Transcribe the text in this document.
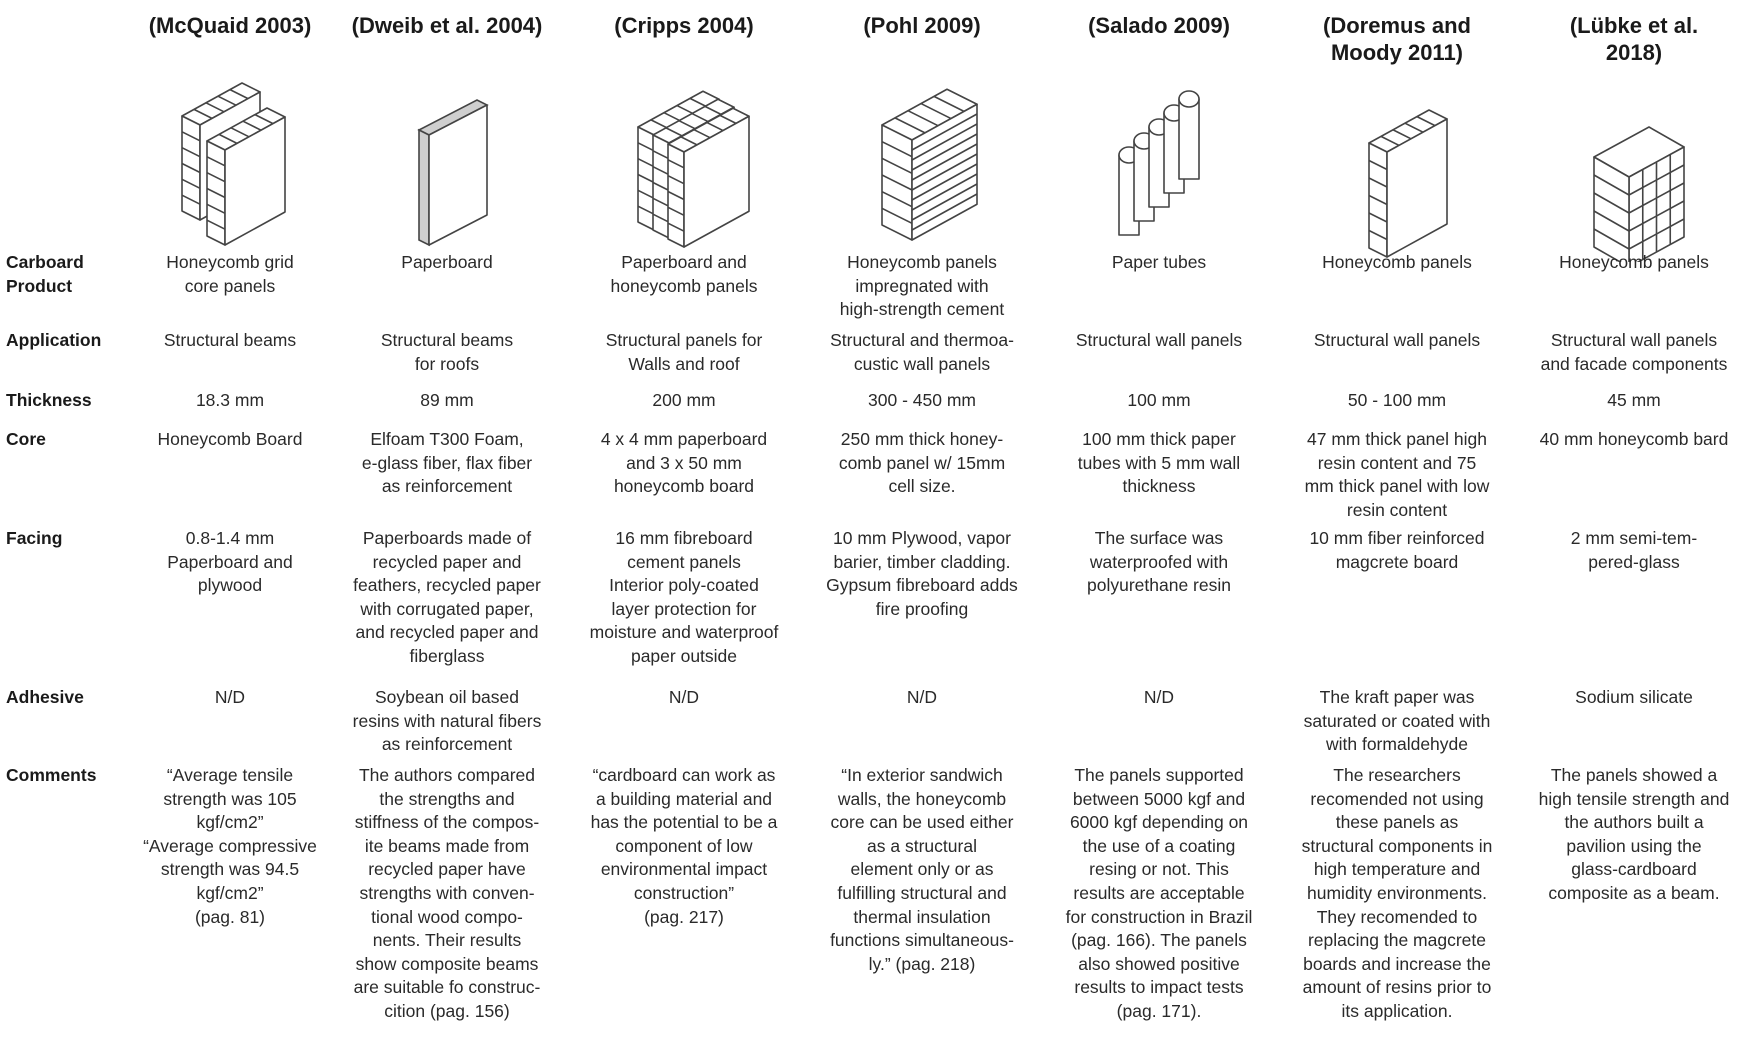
Carboard
Product
Application
Thickness
Core
Facing
Adhesive
Comments
(McQuaid 2003)
Honeycomb grid
core panels
Structural beams
18.3 mm
Honeycomb Board
0.8-1.4 mm
Paperboard and
plywood
N/D
“Average tensile
strength was 105
kgf/cm2”
“Average compressive
strength was 94.5
kgf/cm2”
(pag. 81)
(Dweib et al. 2004)
Paperboard
Structural beams
for roofs
89 mm
Elfoam T300 Foam,
e-glass fiber, flax fiber
as reinforcement
Paperboards made of
recycled paper and
feathers, recycled paper
with corrugated paper,
and recycled paper and
fiberglass
Soybean oil based
resins with natural fibers
as reinforcement
The authors compared
the strengths and
stiffness of the compos-
ite beams made from
recycled paper have
strengths with conven-
tional wood compo-
nents. Their results
show composite beams
are suitable fo construc-
cition (pag. 156)
(Cripps 2004)
Paperboard and
honeycomb panels
Structural panels for
Walls and roof
200 mm
4 x 4 mm paperboard
and 3 x 50 mm
honeycomb board
16 mm fibreboard
cement panels
Interior poly-coated
layer protection for
moisture and waterproof
paper outside
N/D
“cardboard can work as
a building material and
has the potential to be a
component of low
environmental impact
construction”
(pag. 217)
(Pohl 2009)
Honeycomb panels
impregnated with
high-strength cement
Structural and thermoa-
custic wall panels
300 - 450 mm
250 mm thick honey-
comb panel w/ 15mm
cell size.
10 mm Plywood, vapor
barier, timber cladding.
Gypsum fibreboard adds
fire proofing
N/D
“In exterior sandwich
walls, the honeycomb
core can be used either
as a structural
element only or as
fulfilling structural and
thermal insulation
functions simultaneous-
ly.” (pag. 218)
(Salado 2009)
Paper tubes
Structural wall panels
100 mm
100 mm thick paper
tubes with 5 mm wall
thickness
The surface was
waterproofed with
polyurethane resin
N/D
The panels supported
between 5000 kgf and
6000 kgf depending on
the use of a coating
resing or not. This
results are acceptable
for construction in Brazil
(pag. 166). The panels
also showed positive
results to impact tests
(pag. 171).
(Doremus and
Moody 2011)
Honeycomb panels
Structural wall panels
50 - 100 mm
47 mm thick panel high
resin content and 75
mm thick panel with low
resin content
10 mm fiber reinforced
magcrete board
The kraft paper was
saturated or coated with
with formaldehyde
The researchers
recomended not using
these panels as
structural components in
high temperature and
humidity environments.
They recomended to
replacing the magcrete
boards and increase the
amount of resins prior to
its application.
(Lübke et al.
2018)
Honeycomb panels
Structural wall panels
and facade components
45 mm
40 mm honeycomb bard
2 mm semi-tem-
pered-glass
Sodium silicate
The panels showed a
high tensile strength and
the authors built a
pavilion using the
glass-cardboard
composite as a beam.
